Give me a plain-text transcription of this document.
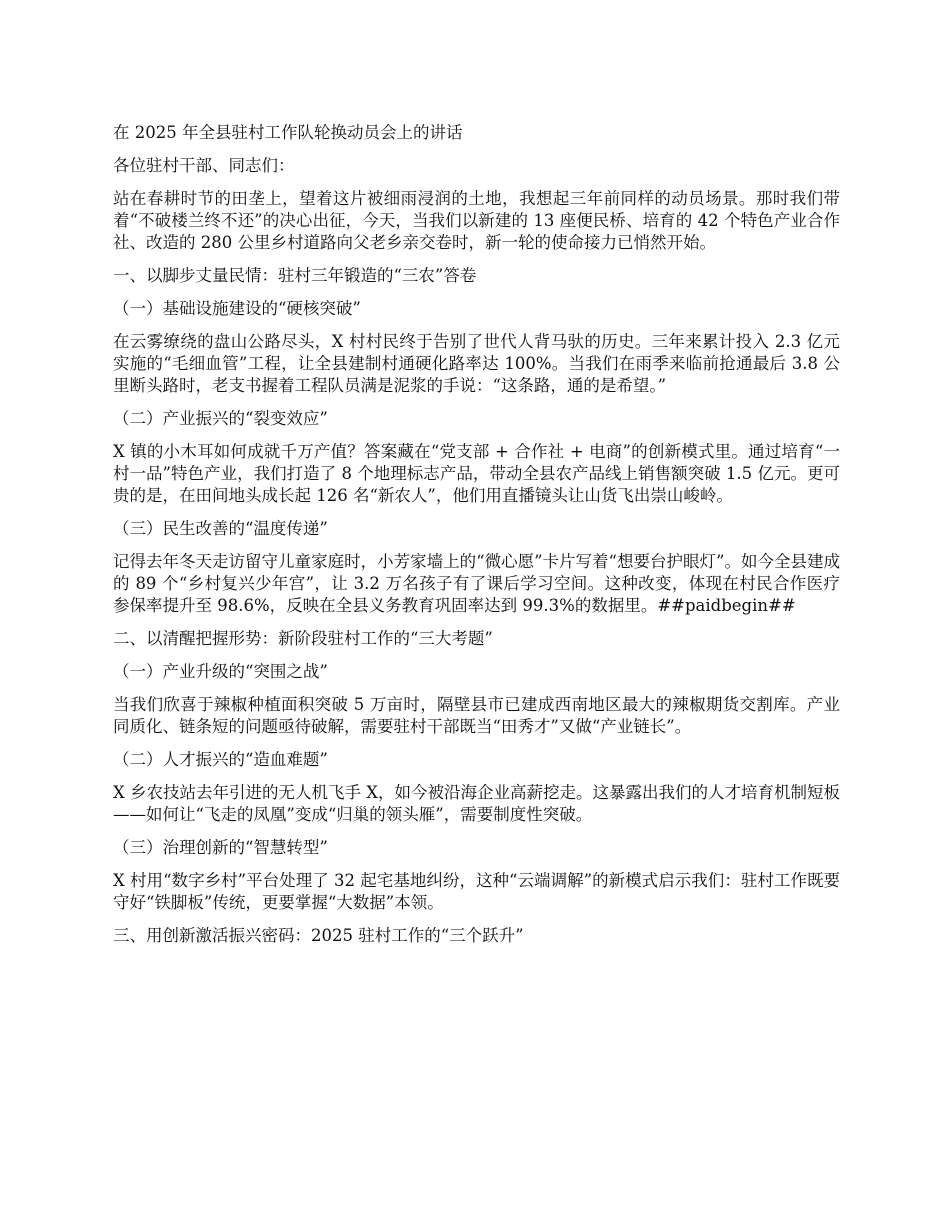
在 2025 年全县驻村工作队轮换动员会上的讲话
各位驻村干部、同志们：
站在春耕时节的田垄上，望着这片被细雨浸润的土地，我想起三年前同样的动员场景。那时我们带着“不破楼兰终不还”的决心出征，今天，当我们以新建的 13 座便民桥、培育的 42 个特色产业合作社、改造的 280 公里乡村道路向父老乡亲交卷时，新一轮的使命接力已悄然开始。
一、以脚步丈量民情：驻村三年锻造的“三农”答卷
（一）基础设施建设的“硬核突破”
在云雾缭绕的盘山公路尽头，X 村村民终于告别了世代人背马驮的历史。三年来累计投入 2.3 亿元实施的“毛细血管”工程，让全县建制村通硬化路率达 100%。当我们在雨季来临前抢通最后 3.8 公里断头路时，老支书握着工程队员满是泥浆的手说：“这条路，通的是希望。”
（二）产业振兴的“裂变效应”
X 镇的小木耳如何成就千万产值？答案藏在“党支部 + 合作社 + 电商”的创新模式里。通过培育“一村一品”特色产业，我们打造了 8 个地理标志产品，带动全县农产品线上销售额突破 1.5 亿元。更可贵的是，在田间地头成长起 126 名“新农人”，他们用直播镜头让山货飞出崇山峻岭。
（三）民生改善的“温度传递”
记得去年冬天走访留守儿童家庭时，小芳家墙上的“微心愿”卡片写着“想要台护眼灯”。如今全县建成的 89 个“乡村复兴少年宫”，让 3.2 万名孩子有了课后学习空间。这种改变，体现在村民合作医疗参保率提升至 98.6%，反映在全县义务教育巩固率达到 99.3%的数据里。##paidbegin##
二、以清醒把握形势：新阶段驻村工作的“三大考题”
（一）产业升级的“突围之战”
当我们欣喜于辣椒种植面积突破 5 万亩时，隔壁县市已建成西南地区最大的辣椒期货交割库。产业同质化、链条短的问题亟待破解，需要驻村干部既当“田秀才”又做“产业链长”。
（二）人才振兴的“造血难题”
X 乡农技站去年引进的无人机飞手 X，如今被沿海企业高薪挖走。这暴露出我们的人才培育机制短板——如何让“飞走的凤凰”变成“归巢的领头雁”，需要制度性突破。
（三）治理创新的“智慧转型”
X 村用“数字乡村”平台处理了 32 起宅基地纠纷，这种“云端调解”的新模式启示我们：驻村工作既要守好“铁脚板”传统，更要掌握“大数据”本领。
三、用创新激活振兴密码：2025 驻村工作的“三个跃升”
